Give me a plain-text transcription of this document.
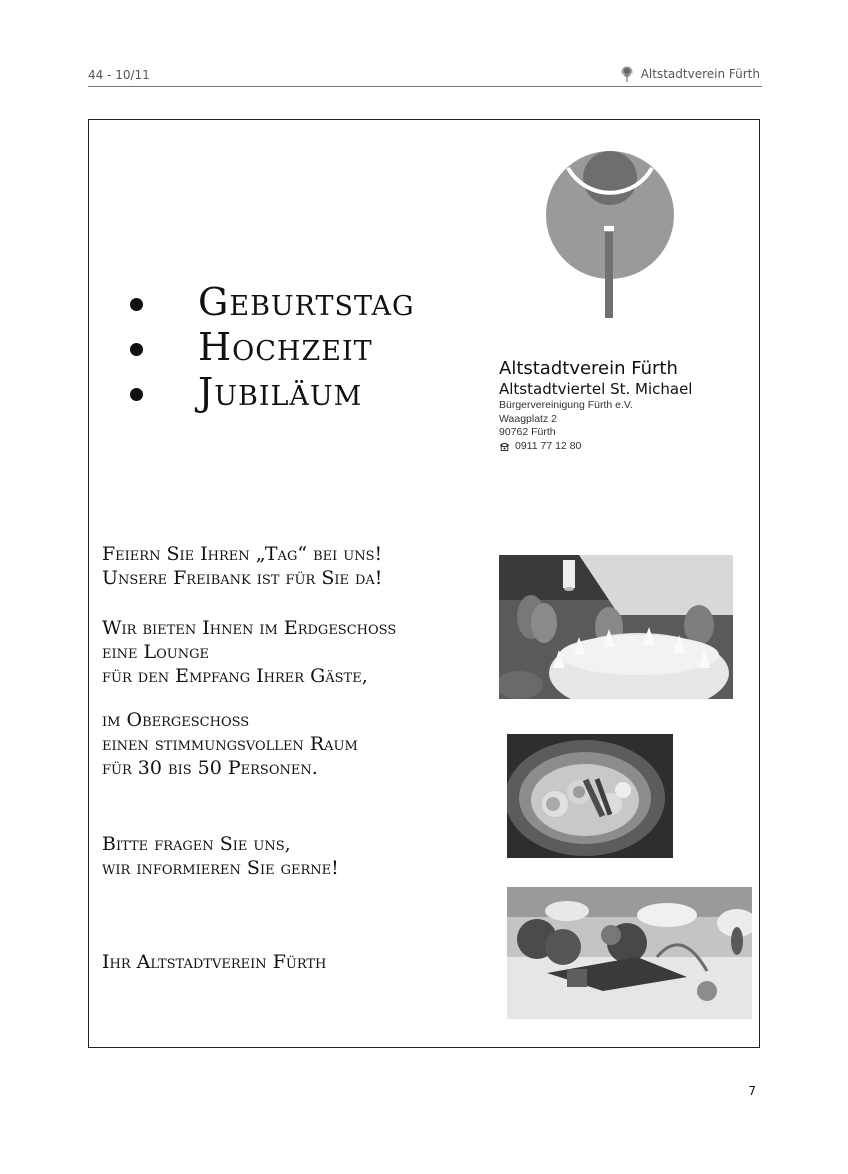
44 - 10/11	Altstadtverein Fürth
Geburtstag
Hochzeit
Jubiläum
Altstadtverein Fürth
Altstadtviertel St. Michael
Bürgervereinigung Fürth e.V.
Waagplatz 2
90762 Fürth
0911 77 12 80
Feiern Sie Ihren „Tag“ bei uns!
Unsere Freibank ist für Sie da!
Wir bieten Ihnen im Erdgeschoss
eine Lounge
für den Empfang Ihrer Gäste,
im Obergeschoss
einen stimmungsvollen Raum
für 30 bis 50 Personen.
Bitte fragen Sie uns,
wir informieren Sie gerne!
Ihr Altstadtverein Fürth
7
